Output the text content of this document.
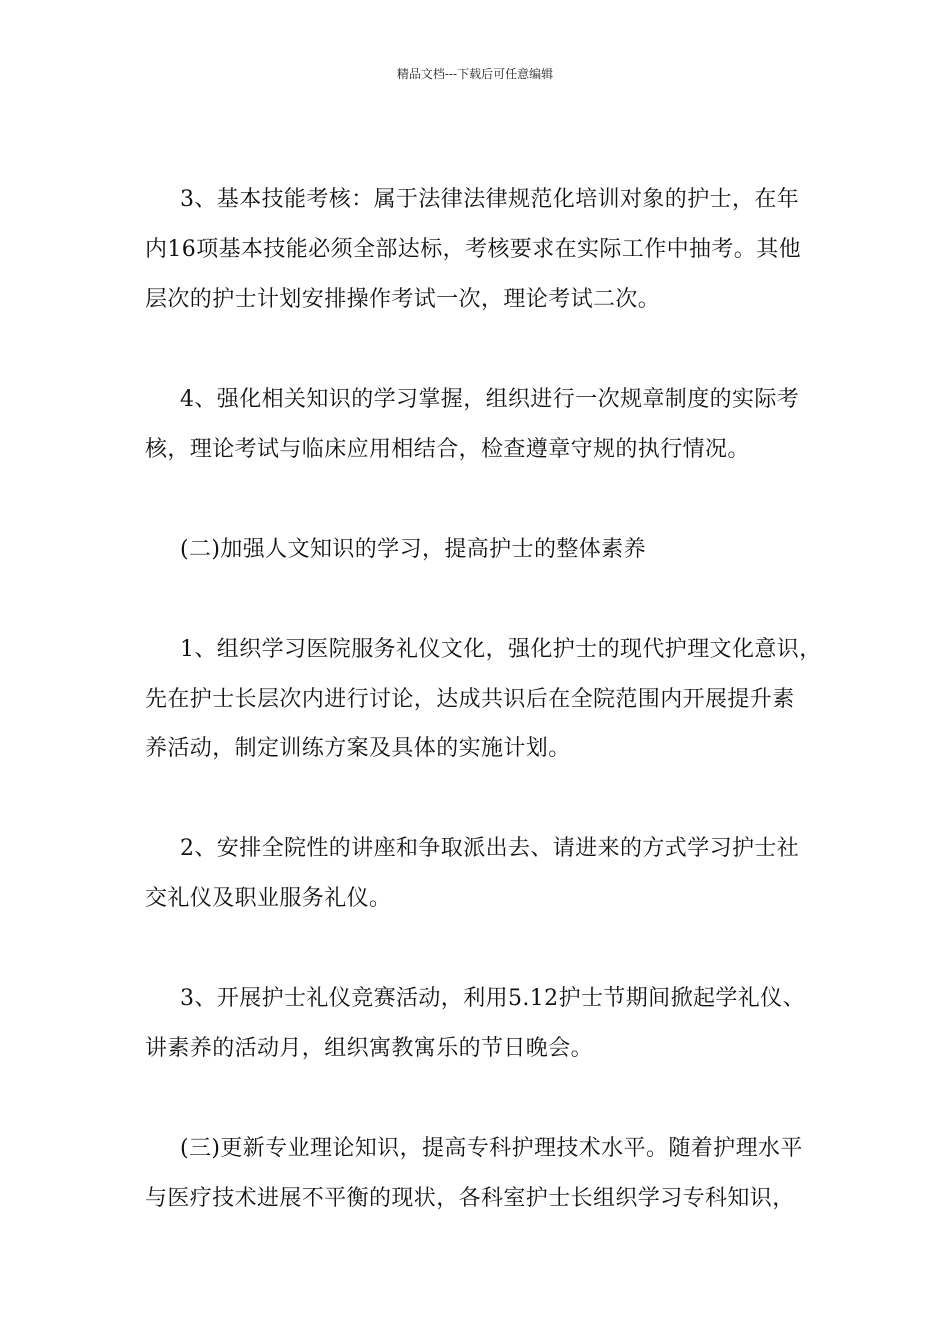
精品文档---下载后可任意编辑
3、基本技能考核：属于法律法律规范化培训对象的护士，在年
内16项基本技能必须全部达标，考核要求在实际工作中抽考。其他
层次的护士计划安排操作考试一次，理论考试二次。
4、强化相关知识的学习掌握，组织进行一次规章制度的实际考
核，理论考试与临床应用相结合，检查遵章守规的执行情况。
(二)加强人文知识的学习，提高护士的整体素养
1、组织学习医院服务礼仪文化，强化护士的现代护理文化意识，
先在护士长层次内进行讨论，达成共识后在全院范围内开展提升素
养活动，制定训练方案及具体的实施计划。
2、安排全院性的讲座和争取派出去、请进来的方式学习护士社
交礼仪及职业服务礼仪。
3、开展护士礼仪竞赛活动，利用5.12护士节期间掀起学礼仪、
讲素养的活动月，组织寓教寓乐的节日晚会。
(三)更新专业理论知识，提高专科护理技术水平。随着护理水平
与医疗技术进展不平衡的现状，各科室护士长组织学习专科知识，
